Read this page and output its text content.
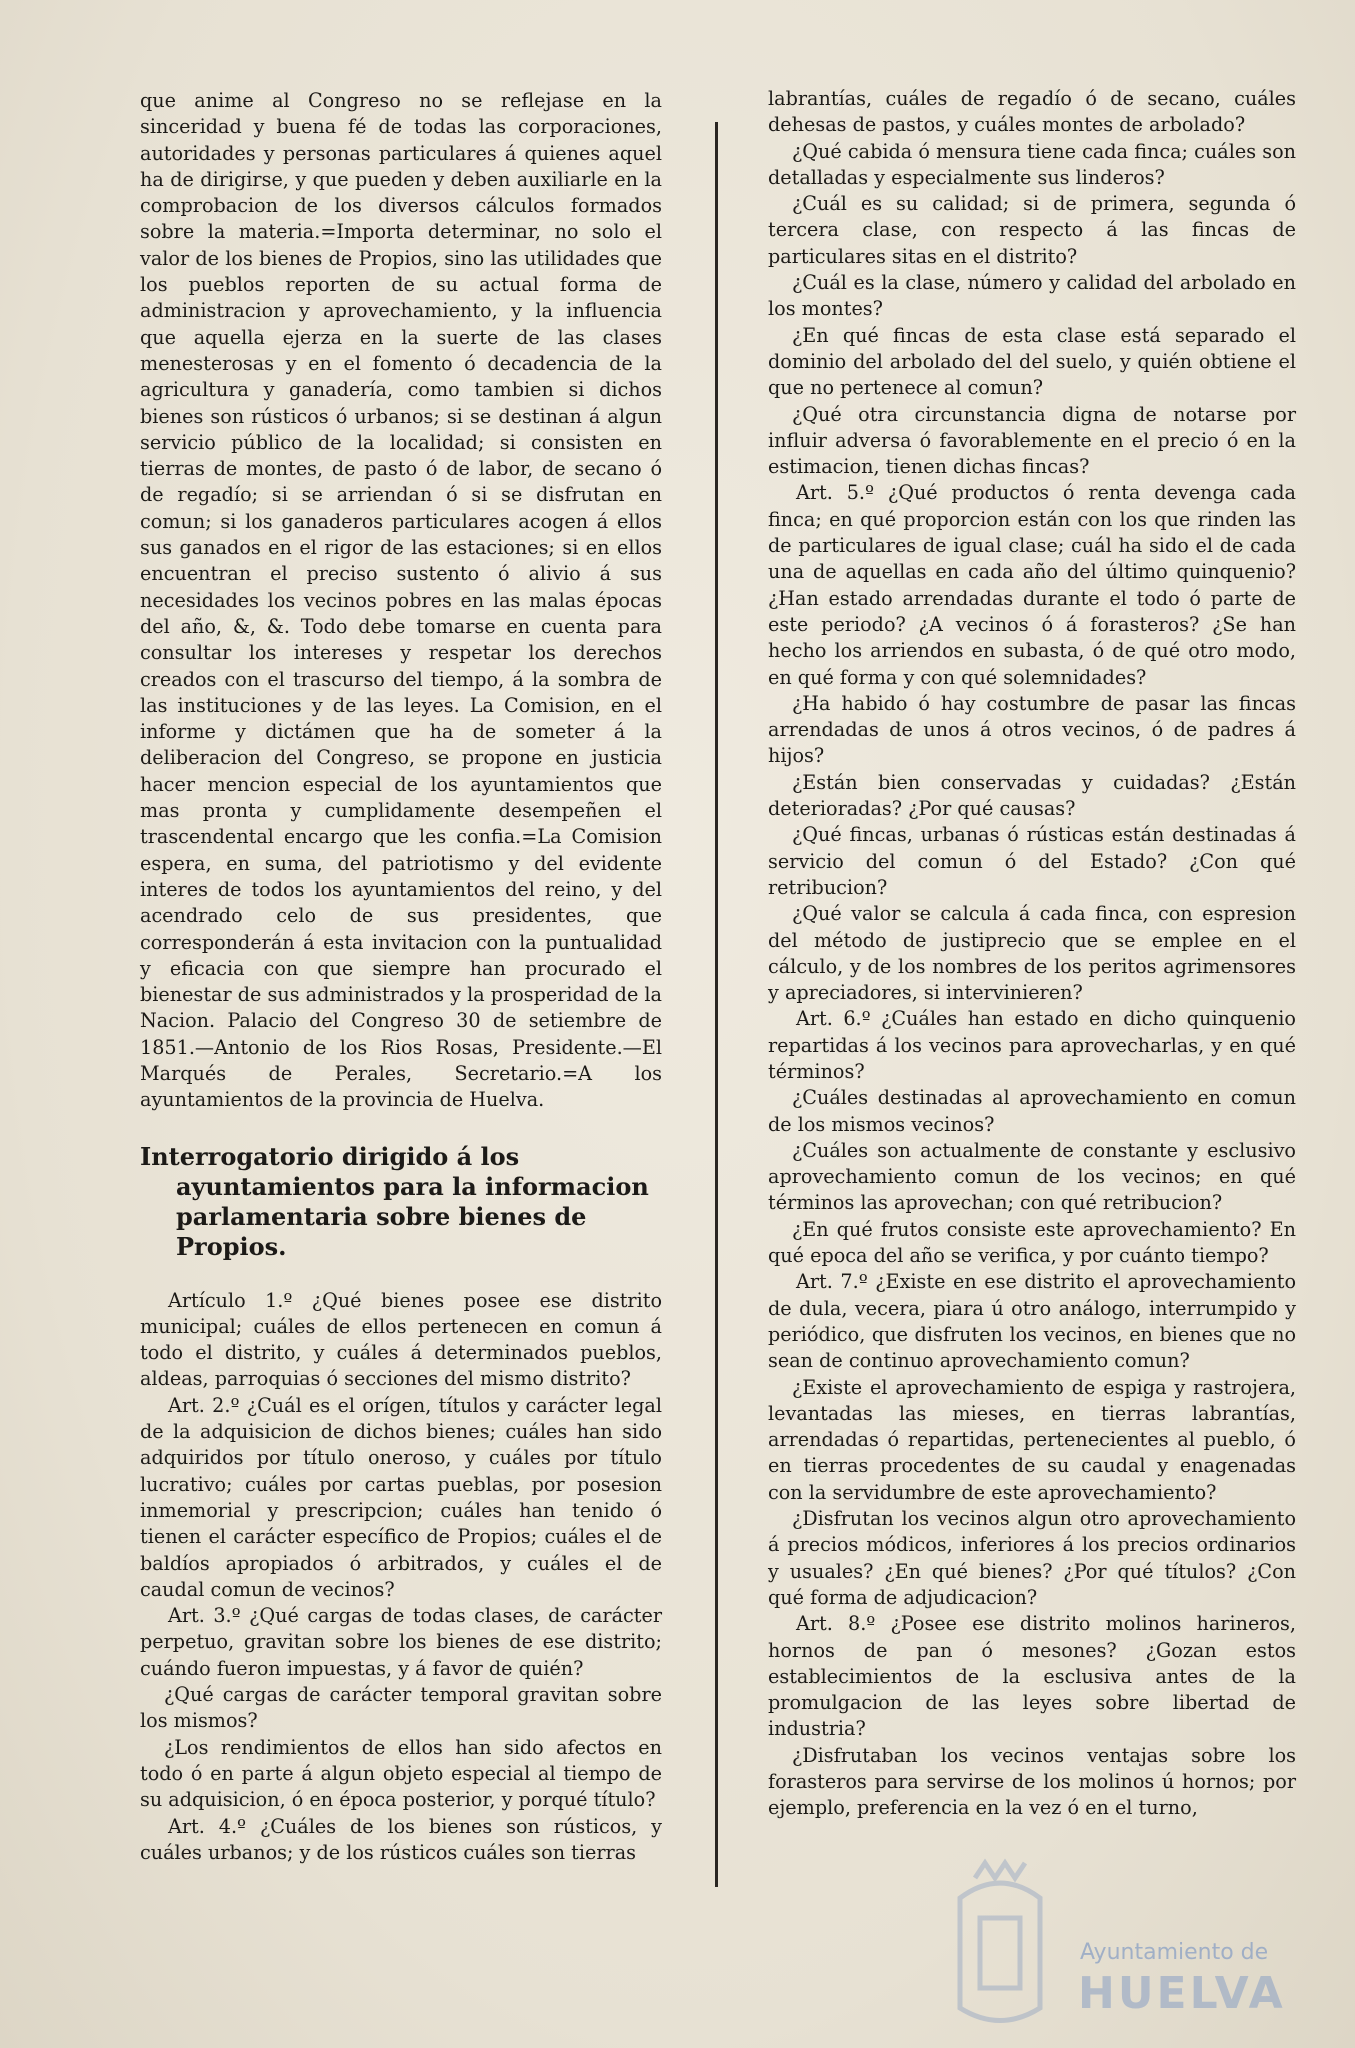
que anime al Congreso no se reflejase en la sinceridad y buena fé de todas las corporaciones, autoridades y personas particulares á quienes aquel ha de dirigirse, y que pueden y deben auxiliarle en la comprobacion de los diversos cálculos formados sobre la materia.=Importa determinar, no solo el valor de los bienes de Propios, sino las utilidades que los pueblos reporten de su actual forma de administracion y aprovechamiento, y la influencia que aquella ejerza en la suerte de las clases menesterosas y en el fomento ó decadencia de la agricultura y ganadería, como tambien si dichos bienes son rústicos ó urbanos; si se destinan á algun servicio público de la localidad; si consisten en tierras de montes, de pasto ó de labor, de secano ó de regadío; si se arriendan ó si se disfrutan en comun; si los ganaderos particulares acogen á ellos sus ganados en el rigor de las estaciones; si en ellos encuentran el preciso sustento ó alivio á sus necesidades los vecinos pobres en las malas épocas del año, &, &. Todo debe tomarse en cuenta para consultar los intereses y respetar los derechos creados con el trascurso del tiempo, á la sombra de las instituciones y de las leyes. La Comision, en el informe y dictámen que ha de someter á la deliberacion del Congreso, se propone en justicia hacer mencion especial de los ayuntamientos que mas pronta y cumplidamente desempeñen el trascendental encargo que les confia.=La Comision espera, en suma, del patriotismo y del evidente interes de todos los ayuntamientos del reino, y del acendrado celo de sus presidentes, que corresponderán á esta invitacion con la puntualidad y eficacia con que siempre han procurado el bienestar de sus administrados y la prosperidad de la Nacion. Palacio del Congreso 30 de setiembre de 1851.—Antonio de los Rios Rosas, Presidente.—El Marqués de Perales, Secretario.=A los ayuntamientos de la provincia de Huelva.

Interrogatorio dirigido á los ayuntamientos para la informacion parlamentaria sobre bienes de Propios.

Artículo 1.º ¿Qué bienes posee ese distrito municipal; cuáles de ellos pertenecen en comun á todo el distrito, y cuáles á determinados pueblos, aldeas, parroquias ó secciones del mismo distrito?

Art. 2.º ¿Cuál es el orígen, títulos y carácter legal de la adquisicion de dichos bienes; cuáles han sido adquiridos por título oneroso, y cuáles por título lucrativo; cuáles por cartas pueblas, por posesion inmemorial y prescripcion; cuáles han tenido ó tienen el carácter específico de Propios; cuáles el de baldíos apropiados ó arbitrados, y cuáles el de caudal comun de vecinos?

Art. 3.º ¿Qué cargas de todas clases, de carácter perpetuo, gravitan sobre los bienes de ese distrito; cuándo fueron impuestas, y á favor de quién?

¿Qué cargas de carácter temporal gravitan sobre los mismos?

¿Los rendimientos de ellos han sido afectos en todo ó en parte á algun objeto especial al tiempo de su adquisicion, ó en época posterior, y porqué título?

Art. 4.º ¿Cuáles de los bienes son rústicos, y cuáles urbanos; y de los rústicos cuáles son tierras

labrantías, cuáles de regadío ó de secano, cuáles dehesas de pastos, y cuáles montes de arbolado?

¿Qué cabida ó mensura tiene cada finca; cuáles son detalladas y especialmente sus linderos?

¿Cuál es su calidad; si de primera, segunda ó tercera clase, con respecto á las fincas de particulares sitas en el distrito?

¿Cuál es la clase, número y calidad del arbolado en los montes?

¿En qué fincas de esta clase está separado el dominio del arbolado del del suelo, y quién obtiene el que no pertenece al comun?

¿Qué otra circunstancia digna de notarse por influir adversa ó favorablemente en el precio ó en la estimacion, tienen dichas fincas?

Art. 5.º ¿Qué productos ó renta devenga cada finca; en qué proporcion están con los que rinden las de particulares de igual clase; cuál ha sido el de cada una de aquellas en cada año del último quinquenio? ¿Han estado arrendadas durante el todo ó parte de este periodo? ¿A vecinos ó á forasteros? ¿Se han hecho los arriendos en subasta, ó de qué otro modo, en qué forma y con qué solemnidades?

¿Ha habido ó hay costumbre de pasar las fincas arrendadas de unos á otros vecinos, ó de padres á hijos?

¿Están bien conservadas y cuidadas? ¿Están deterioradas? ¿Por qué causas?

¿Qué fincas, urbanas ó rústicas están destinadas á servicio del comun ó del Estado? ¿Con qué retribucion?

¿Qué valor se calcula á cada finca, con espresion del método de justiprecio que se emplee en el cálculo, y de los nombres de los peritos agrimensores y apreciadores, si intervinieren?

Art. 6.º ¿Cuáles han estado en dicho quinquenio repartidas á los vecinos para aprovecharlas, y en qué términos?

¿Cuáles destinadas al aprovechamiento en comun de los mismos vecinos?

¿Cuáles son actualmente de constante y esclusivo aprovechamiento comun de los vecinos; en qué términos las aprovechan; con qué retribucion?

¿En qué frutos consiste este aprovechamiento? En qué epoca del año se verifica, y por cuánto tiempo?

Art. 7.º ¿Existe en ese distrito el aprovechamiento de dula, vecera, piara ú otro análogo, interrumpido y periódico, que disfruten los vecinos, en bienes que no sean de continuo aprovechamiento comun?

¿Existe el aprovechamiento de espiga y rastrojera, levantadas las mieses, en tierras labrantías, arrendadas ó repartidas, pertenecientes al pueblo, ó en tierras procedentes de su caudal y enagenadas con la servidumbre de este aprovechamiento?

¿Disfrutan los vecinos algun otro aprovechamiento á precios módicos, inferiores á los precios ordinarios y usuales? ¿En qué bienes? ¿Por qué títulos? ¿Con qué forma de adjudicacion?

Art. 8.º ¿Posee ese distrito molinos harineros, hornos de pan ó mesones? ¿Gozan estos establecimientos de la esclusiva antes de la promulgacion de las leyes sobre libertad de industria?

¿Disfrutaban los vecinos ventajas sobre los forasteros para servirse de los molinos ú hornos; por ejemplo, preferencia en la vez ó en el turno,

Ayuntamiento de
HUELVA
